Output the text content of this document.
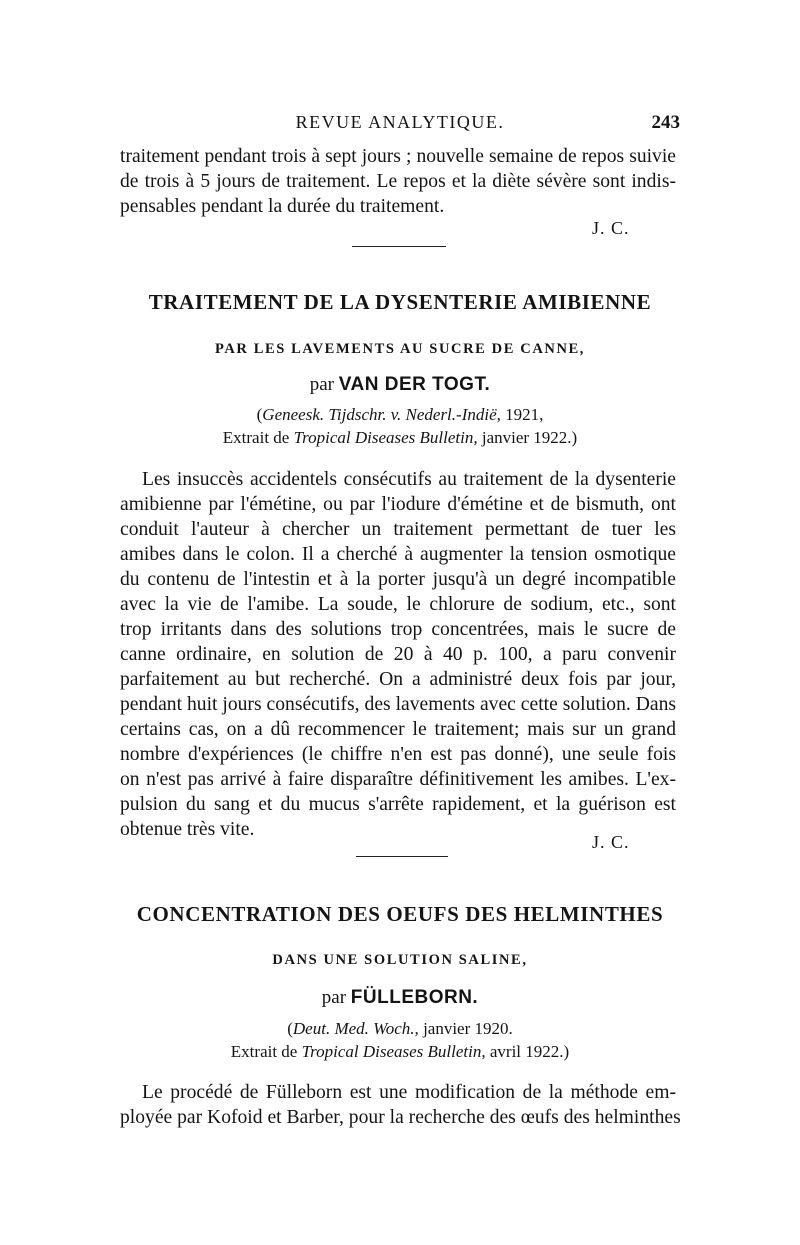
REVUE ANALYTIQUE.	243
traitement pendant trois à sept jours ; nouvelle semaine de repos suivie
de trois à 5 jours de traitement. Le repos et la diète sévère sont indis-
pensables pendant la durée du traitement.
J. C.
TRAITEMENT DE LA DYSENTERIE AMIBIENNE
PAR LES LAVEMENTS AU SUCRE DE CANNE,
par VAN DER TOGT.
(Geneesk. Tijdschr. v. Nederl.-Indië, 1921,
Extrait de Tropical Diseases Bulletin, janvier 1922.)
Les insuccès accidentels consécutifs au traitement de la dysenterie
amibienne par l'émétine, ou par l'iodure d'émétine et de bismuth, ont
conduit l'auteur à chercher un traitement permettant de tuer les
amibes dans le colon. Il a cherché à augmenter la tension osmotique
du contenu de l'intestin et à la porter jusqu'à un degré incompatible
avec la vie de l'amibe. La soude, le chlorure de sodium, etc., sont
trop irritants dans des solutions trop concentrées, mais le sucre de
canne ordinaire, en solution de 20 à 40 p. 100, a paru convenir
parfaitement au but recherché. On a administré deux fois par jour,
pendant huit jours consécutifs, des lavements avec cette solution. Dans
certains cas, on a dû recommencer le traitement; mais sur un grand
nombre d'expériences (le chiffre n'en est pas donné), une seule fois
on n'est pas arrivé à faire disparaître définitivement les amibes. L'ex-
pulsion du sang et du mucus s'arrête rapidement, et la guérison est
obtenue très vite.
J. C.
CONCENTRATION DES OEUFS DES HELMINTHES
DANS UNE SOLUTION SALINE,
par FÜLLEBORN.
(Deut. Med. Woch., janvier 1920.
Extrait de Tropical Diseases Bulletin, avril 1922.)
Le procédé de Fülleborn est une modification de la méthode em-
ployée par Kofoid et Barber, pour la recherche des œufs des helminthes
